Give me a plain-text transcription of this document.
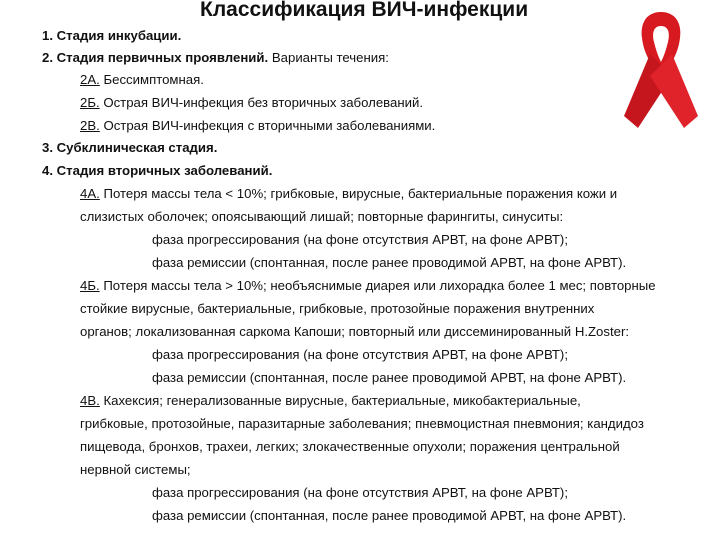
Классификация ВИЧ-инфекции
1. Стадия инкубации.
2. Стадия первичных проявлений. Варианты течения:
2А. Бессимптомная.
2Б. Острая ВИЧ-инфекция без вторичных заболеваний.
2В. Острая ВИЧ-инфекция с вторичными заболеваниями.
3. Субклиническая стадия.
4. Стадия вторичных заболеваний.
4А. Потеря массы тела < 10%; грибковые, вирусные, бактериальные поражения кожи и
слизистых оболочек; опоясывающий лишай; повторные фарингиты, синуситы:
фаза прогрессирования (на фоне отсутствия АРВТ, на фоне АРВТ);
фаза ремиссии (спонтанная, после ранее проводимой АРВТ, на фоне АРВТ).
4Б. Потеря массы тела > 10%; необъяснимые диарея или лихорадка более 1 мес; повторные
стойкие вирусные, бактериальные, грибковые, протозойные поражения внутренних
органов; локализованная саркома Капоши; повторный или диссеминированный H.Zoster:
фаза прогрессирования (на фоне отсутствия АРВТ, на фоне АРВТ);
фаза ремиссии (спонтанная, после ранее проводимой АРВТ, на фоне АРВТ).
4В. Кахексия; генерализованные вирусные, бактериальные, микобактериальные,
грибковые, протозойные, паразитарные заболевания; пневмоцистная пневмония; кандидоз
пищевода, бронхов, трахеи, легких; злокачественные опухоли; поражения центральной
нервной системы;
фаза прогрессирования (на фоне отсутствия АРВТ, на фоне АРВТ);
фаза ремиссии (спонтанная, после ранее проводимой АРВТ, на фоне АРВТ).
